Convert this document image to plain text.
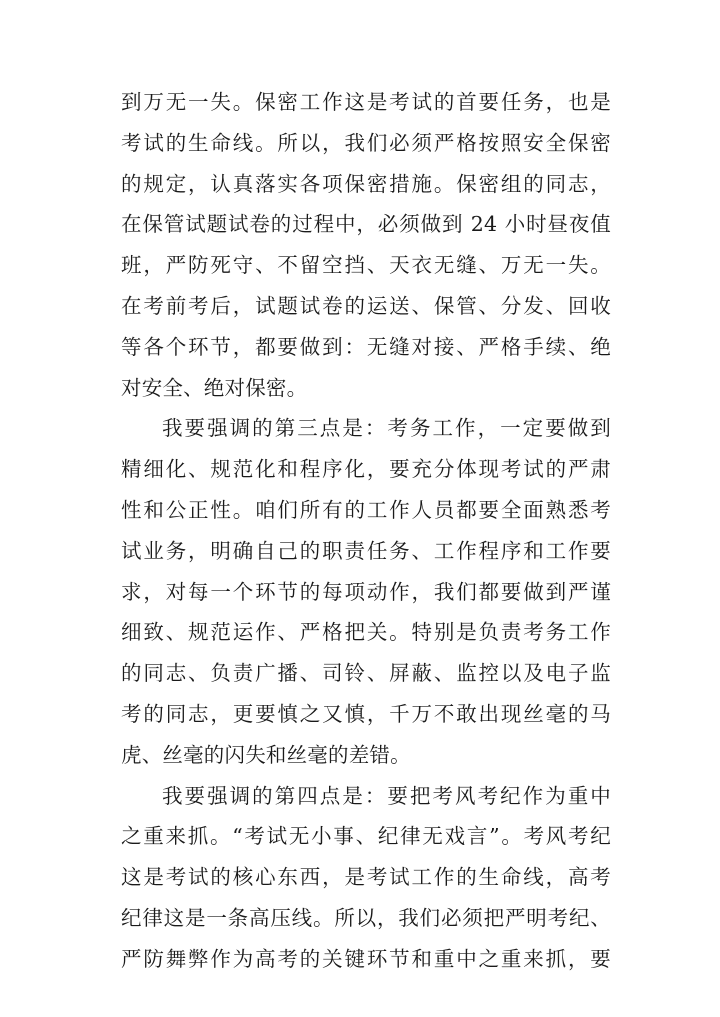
到万无一失。保密工作这是考试的首要任务，也是
考试的生命线。所以，我们必须严格按照安全保密
的规定，认真落实各项保密措施。保密组的同志，
在保管试题试卷的过程中，必须做到 24 小时昼夜值
班，严防死守、不留空挡、天衣无缝、万无一失。
在考前考后，试题试卷的运送、保管、分发、回收
等各个环节，都要做到：无缝对接、严格手续、绝
对安全、绝对保密。
我要强调的第三点是：考务工作，一定要做到
精细化、规范化和程序化，要充分体现考试的严肃
性和公正性。咱们所有的工作人员都要全面熟悉考
试业务，明确自己的职责任务、工作程序和工作要
求，对每一个环节的每项动作，我们都要做到严谨
细致、规范运作、严格把关。特别是负责考务工作
的同志、负责广播、司铃、屏蔽、监控以及电子监
考的同志，更要慎之又慎，千万不敢出现丝毫的马
虎、丝毫的闪失和丝毫的差错。
我要强调的第四点是：要把考风考纪作为重中
之重来抓。“考试无小事、纪律无戏言”。考风考纪
这是考试的核心东西，是考试工作的生命线，高考
纪律这是一条高压线。所以，我们必须把严明考纪、
严防舞弊作为高考的关键环节和重中之重来抓，要
